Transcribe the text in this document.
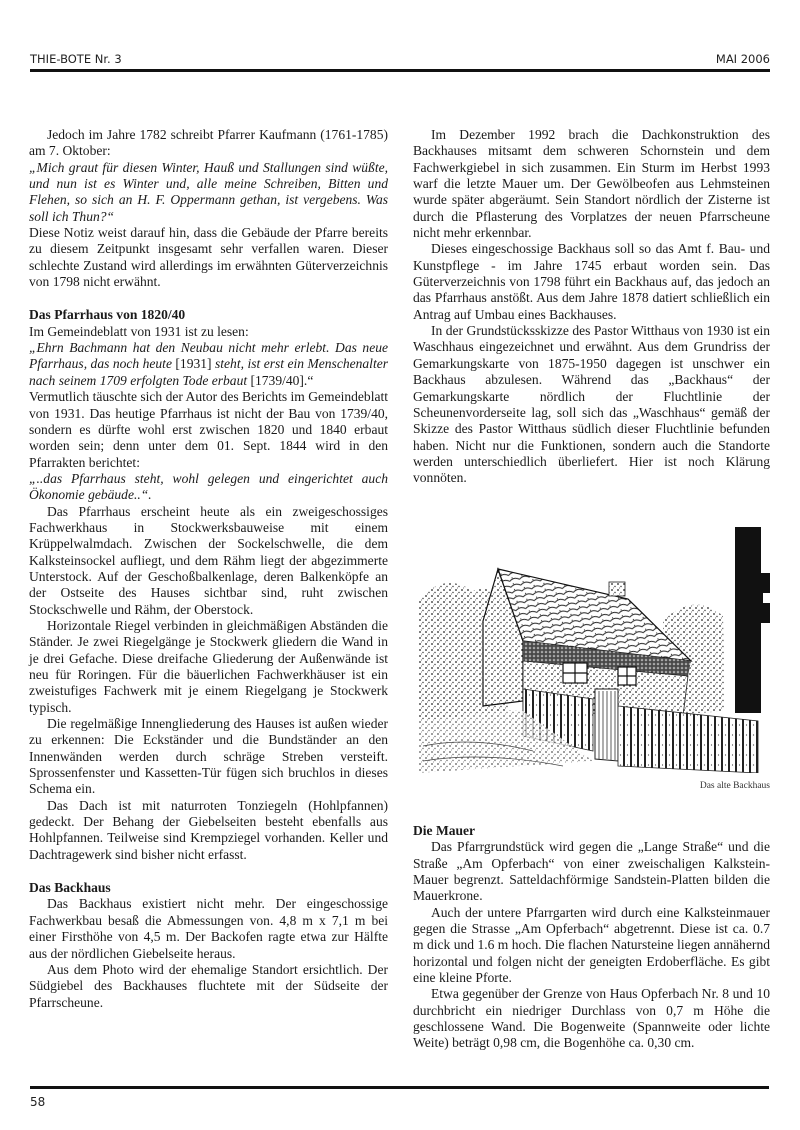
THIE-BOTE Nr. 3	MAI 2006

Jedoch im Jahre 1782 schreibt Pfarrer Kaufmann (1761-1785) am 7. Oktober:

„Mich graut für diesen Winter, Hauß und Stallungen sind wüßte, und nun ist es Winter und, alle meine Schreiben, Bitten und Flehen, so sich an H. F. Oppermann gethan, ist vergebens. Was soll ich Thun?“

Diese Notiz weist darauf hin, dass die Gebäude der Pfarre bereits zu diesem Zeitpunkt insgesamt sehr verfallen waren. Dieser schlechte Zustand wird allerdings im erwähnten Güterverzeichnis von 1798 nicht erwähnt.

Das Pfarrhaus von 1820/40

Im Gemeindeblatt von 1931 ist zu lesen:

„Ehrn Bachmann hat den Neubau nicht mehr erlebt. Das neue Pfarrhaus, das noch heute [1931] steht, ist erst ein Menschenalter nach seinem 1709 erfolgten Tode erbaut [1739/40].“

Vermutlich täuschte sich der Autor des Berichts im Gemeindeblatt von 1931. Das heutige Pfarrhaus ist nicht der Bau von 1739/40, sondern es dürfte wohl erst zwischen 1820 und 1840 erbaut worden sein; denn unter dem 01. Sept. 1844 wird in den Pfarrakten berichtet:

„..das Pfarrhaus steht, wohl gelegen und eingerichtet auch Ökonomie gebäude..“.

Das Pfarrhaus erscheint heute als ein zweigeschossiges Fachwerkhaus in Stockwerksbauweise mit einem Krüppelwalmdach. Zwischen der Sockelschwelle, die dem Kalksteinsockel aufliegt, und dem Rähm liegt der abgezimmerte Unterstock. Auf der Geschoßbalkenlage, deren Balkenköpfe an der Ostseite des Hauses sichtbar sind, ruht zwischen Stockschwelle und Rähm, der Oberstock.

Horizontale Riegel verbinden in gleichmäßigen Abständen die Ständer. Je zwei Riegelgänge je Stockwerk gliedern die Wand in je drei Gefache. Diese dreifache Gliederung der Außenwände ist neu für Roringen. Für die bäuerlichen Fachwerkhäuser ist ein zweistufiges Fachwerk mit je einem Riegelgang je Stockwerk typisch.

Die regelmäßige Innengliederung des Hauses ist außen wieder zu erkennen: Die Eckständer und die Bundständer an den Innenwänden werden durch schräge Streben versteift. Sprossenfenster und Kassetten-Tür fügen sich bruchlos in dieses Schema ein.

Das Dach ist mit naturroten Tonziegeln (Hohlpfannen) gedeckt. Der Behang der Giebelseiten besteht ebenfalls aus Hohlpfannen. Teilweise sind Krempziegel vorhanden. Keller und Dachtragewerk sind bisher nicht erfasst.

Das Backhaus

Das Backhaus existiert nicht mehr. Der eingeschossige Fachwerkbau besaß die Abmessungen von. 4,8 m x 7,1 m bei einer Firsthöhe von 4,5 m. Der Backofen ragte etwa zur Hälfte aus der nördlichen Giebelseite heraus.

Aus dem Photo wird der ehemalige Standort ersichtlich. Der Südgiebel des Backhauses fluchtete mit der Südseite der Pfarrscheune.

Im Dezember 1992 brach die Dachkonstruktion des Backhauses mitsamt dem schweren Schornstein und dem Fachwerkgiebel in sich zusammen. Ein Sturm im Herbst 1993 warf die letzte Mauer um. Der Gewölbeofen aus Lehmsteinen wurde später abgeräumt. Sein Standort nördlich der Zisterne ist durch die Pflasterung des Vorplatzes der neuen Pfarrscheune nicht mehr erkennbar.

Dieses eingeschossige Backhaus soll so das Amt f. Bau- und Kunstpflege - im Jahre 1745 erbaut worden sein. Das Güterverzeichnis von 1798 führt ein Backhaus auf, das jedoch an das Pfarrhaus anstößt. Aus dem Jahre 1878 datiert schließlich ein Antrag auf Umbau eines Backhauses.

In der Grundstücksskizze des Pastor Witthaus von 1930 ist ein Waschhaus eingezeichnet und erwähnt. Aus dem Grundriss der Gemarkungskarte von 1875-1950 dagegen ist unschwer ein Backhaus abzulesen. Während das „Backhaus“ der Gemarkungskarte nördlich der Fluchtlinie der Scheunenvorderseite lag, soll sich das „Waschhaus“ gemäß der Skizze des Pastor Witthaus südlich dieser Fluchtlinie befunden haben. Nicht nur die Funktionen, sondern auch die Standorte werden unterschiedlich überliefert. Hier ist noch Klärung vonnöten.

Das alte Backhaus
Die Mauer

Das Pfarrgrundstück wird gegen die „Lange Straße“ und die Straße „Am Opferbach“ von einer zweischaligen Kalkstein-Mauer begrenzt. Satteldachförmige Sandstein-Platten bilden die Mauerkrone.

Auch der untere Pfarrgarten wird durch eine Kalksteinmauer gegen die Strasse „Am Opferbach“ abgetrennt. Diese ist ca. 0.7 m dick und 1.6 m hoch. Die flachen Natursteine liegen annähernd horizontal und folgen nicht der geneigten Erdoberfläche. Es gibt eine kleine Pforte.

Etwa gegenüber der Grenze von Haus Opferbach Nr. 8 und 10 durchbricht ein niedriger Durchlass von 0,7 m Höhe die geschlossene Wand. Die Bogenweite (Spannweite oder lichte Weite) beträgt 0,98 cm, die Bogenhöhe ca. 0,30 cm.

58
